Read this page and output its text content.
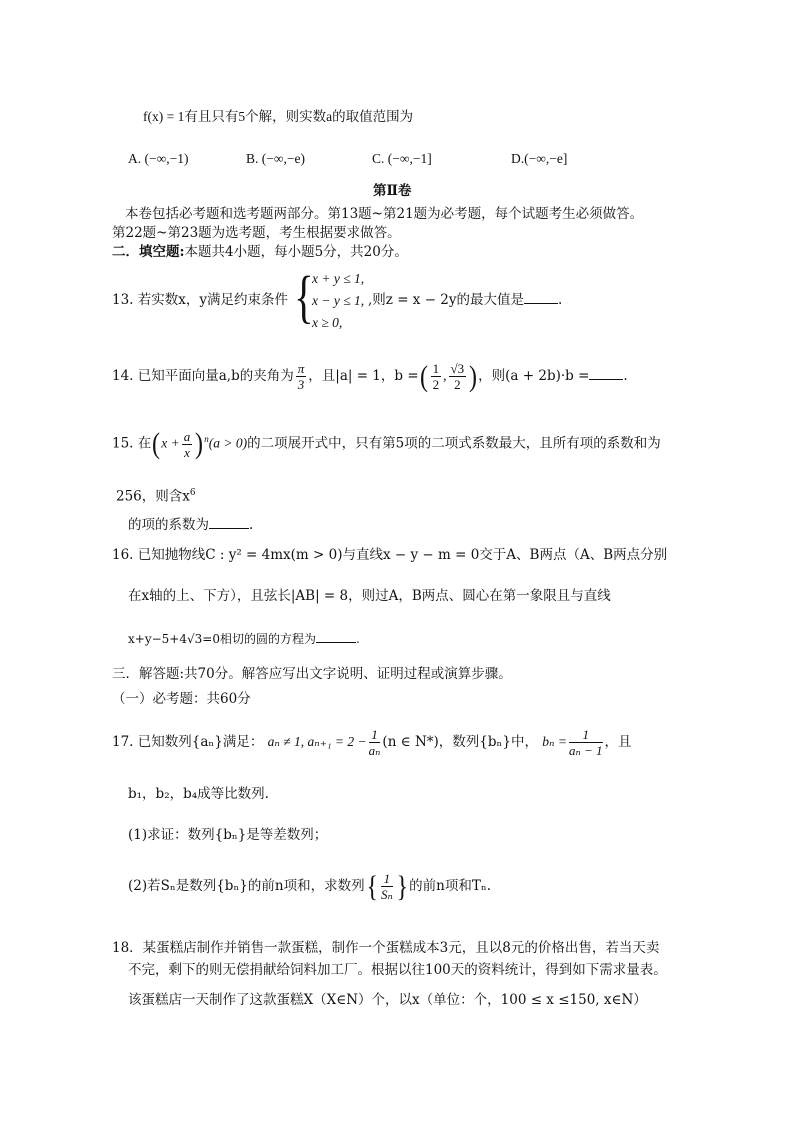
f(x) = 1有且只有5个解，则实数a的取值范围为
A. (−∞,−1)	B. (−∞,−e)	C. (−∞,−1]	D.(−∞,−e]
第Ⅱ卷
本卷包括必考题和选考题两部分。第13题~第21题为必考题，每个试题考生必须做答。
第22题~第23题为选考题，考生根据要求做答。
二．填空题:本题共4小题，每小题5分，共20分。
13. 若实数x，y满足约束条件 {
x + y ≤ 1,
x − y ≤ 1,
x ≥ 0,
,则z = x − 2y的最大值是	.
14. 已知平面向量a,b的夹角为 $\frac{\pi}{3}$ ，且|a| = 1，b =( $\frac{1}{2}$ , $\frac{√3}{2}$ )，则(a + 2b)·b =	.
15. 在$(x + \frac{a}{x} )^n(a > 0)$的二项展开式中，只有第5项的二项式系数最大，且所有项的系数和为
256，则含$x^6$
的项的系数为	.
16. 已知抛物线C : y² = 4mx(m > 0)与直线x − y − m = 0交于A、B两点（A、B两点分别
在x轴的上、下方），且弦长|AB| = 8，则过A，B两点、圆心在第一象限且与直线
x+y−5+4√3=0相切的圆的方程为	.
三．解答题:共70分。解答应写出文字说明、证明过程或演算步骤。
（一）必考题：共60分
17. 已知数列{aₙ}满足： aₙ ≠ 1, $a_{n+1} = 2 - \frac{1}{\text{aₙ}} (n$ ∈ N*)，数列{bₙ}中， $b_n = \frac{1}{\text{aₙ − 1}}$ ，且
b₁，b₂，b₄成等比数列.
(1)求证：数列{bₙ}是等差数列；
(2)若Sₙ是数列{bₙ}的前n项和，求数列{ $\frac{1}{\text{Sₙ}}$ }的前n项和Tₙ.
18．某蛋糕店制作并销售一款蛋糕，制作一个蛋糕成本3元，且以8元的价格出售，若当天卖
不完，剩下的则无偿捐献给饲料加工厂。根据以往100天的资料统计，得到如下需求量表。
该蛋糕店一天制作了这款蛋糕X（X∈N）个，以x（单位：个，100 ≤ x ≤150, x∈N）
